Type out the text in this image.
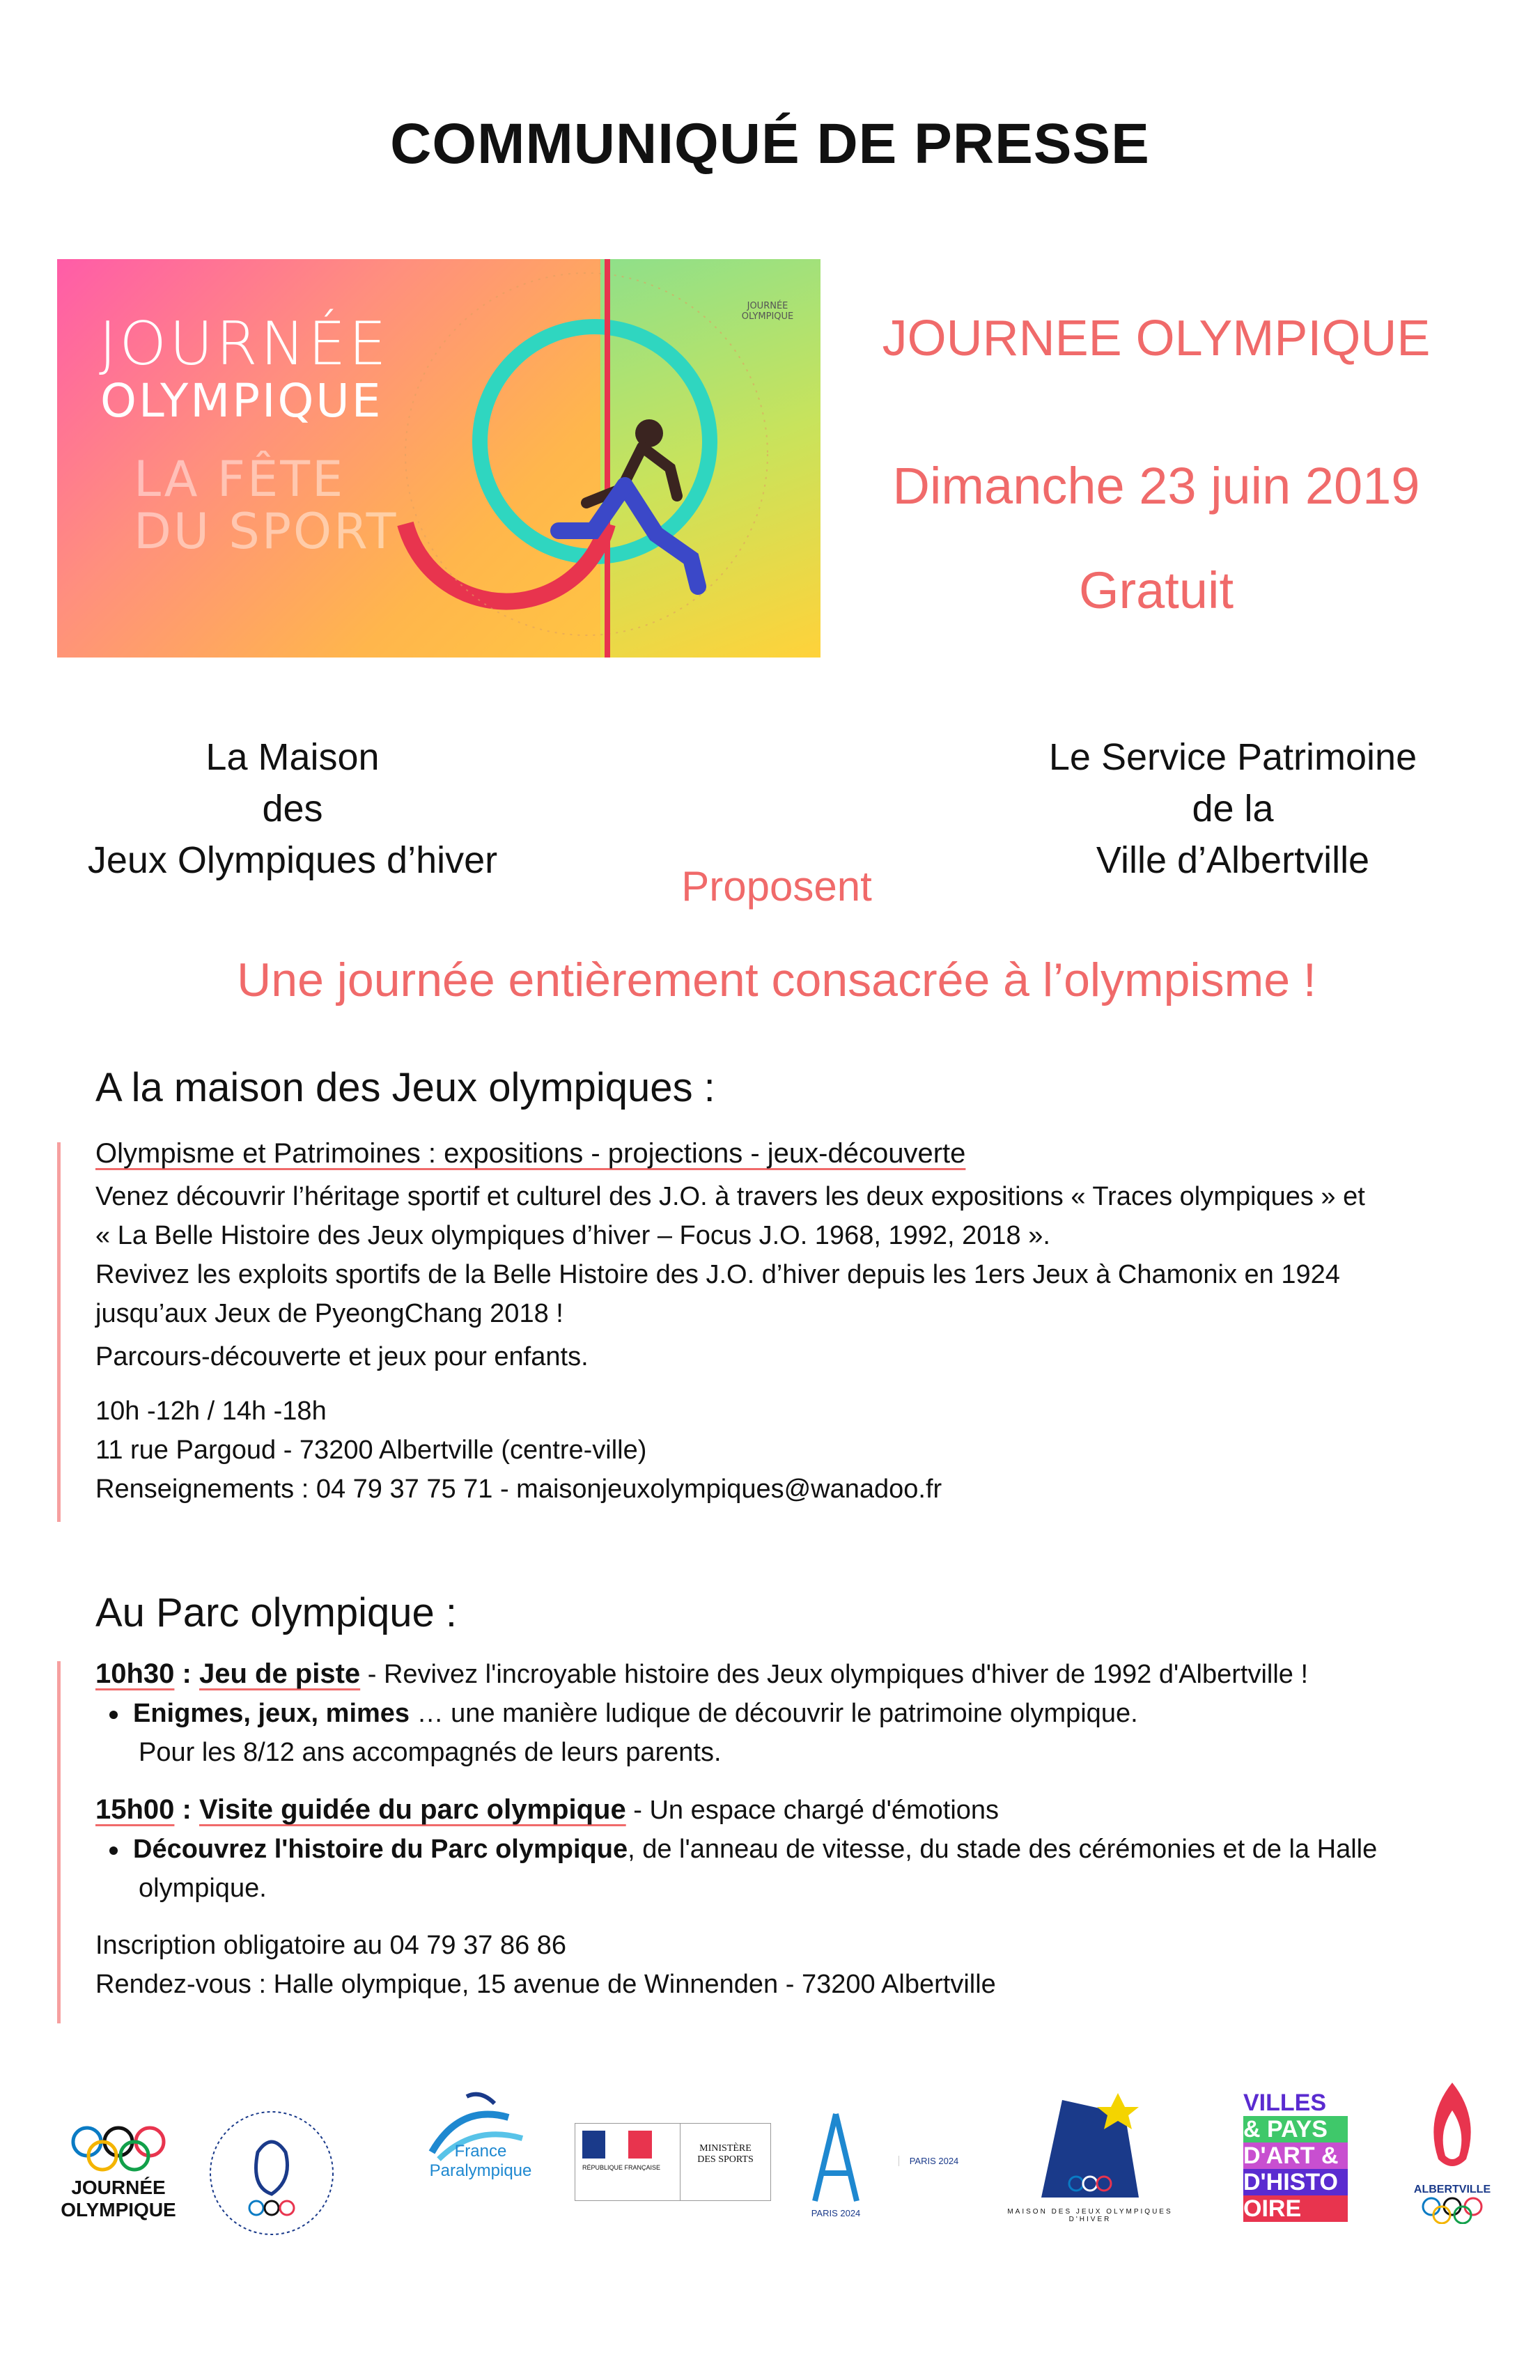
COMMUNIQUÉ DE PRESSE
JOURNÉE
OLYMPIQUE
LA FÊTE
DU SPORT
JOURNÉE OLYMPIQUE	JOURNEE OLYMPIQUE
Dimanche 23 juin 2019
Gratuit
La Maison
des
Jeux Olympiques d’hiver
Le Service Patrimoine
de la
Ville d’Albertville
Proposent
Une journée entièrement consacrée à l’olympisme !
A la maison des Jeux olympiques :
Olympisme et Patrimoines : expositions - projections - jeux-découverte
Venez découvrir l’héritage sportif et culturel des J.O. à travers les deux expositions « Traces olympiques » et
« La Belle Histoire des Jeux olympiques d’hiver – Focus J.O. 1968, 1992, 2018 ».
Revivez les exploits sportifs de la Belle Histoire des J.O. d’hiver depuis les 1ers Jeux à Chamonix en 1924
jusqu’aux Jeux de PyeongChang 2018 !
Parcours-découverte et jeux pour enfants.
10h -12h / 14h -18h
11 rue Pargoud - 73200 Albertville (centre-ville)
Renseignements : 04 79 37 75 71 - maisonjeuxolympiques@wanadoo.fr
Au Parc olympique :
10h30 : Jeu de piste - Revivez l'incroyable histoire des Jeux olympiques d'hiver de 1992 d'Albertville !
Enigmes, jeux, mimes … une manière ludique de découvrir le patrimoine olympique.
Pour les 8/12 ans accompagnés de leurs parents.
15h00 : Visite guidée du parc olympique - Un espace chargé d'émotions
Découvrez l'histoire du Parc olympique, de l'anneau de vitesse, du stade des cérémonies et de la Halle
olympique.
Inscription obligatoire au 04 79 37 86 86
Rendez-vous : Halle olympique, 15 avenue de Winnenden - 73200 Albertville
JOURNÉE
OLYMPIQUE
France
Paralympique	RÉPUBLIQUE FRANÇAISE
MINISTÈRE
DES SPORTS
PARIS 2024
PARIS 2024
MAISON DES JEUX OLYMPIQUES D'HIVER
VILLES
& PAYS
D'ART &
D'HISTO
OIRE
ALBERTVILLE
